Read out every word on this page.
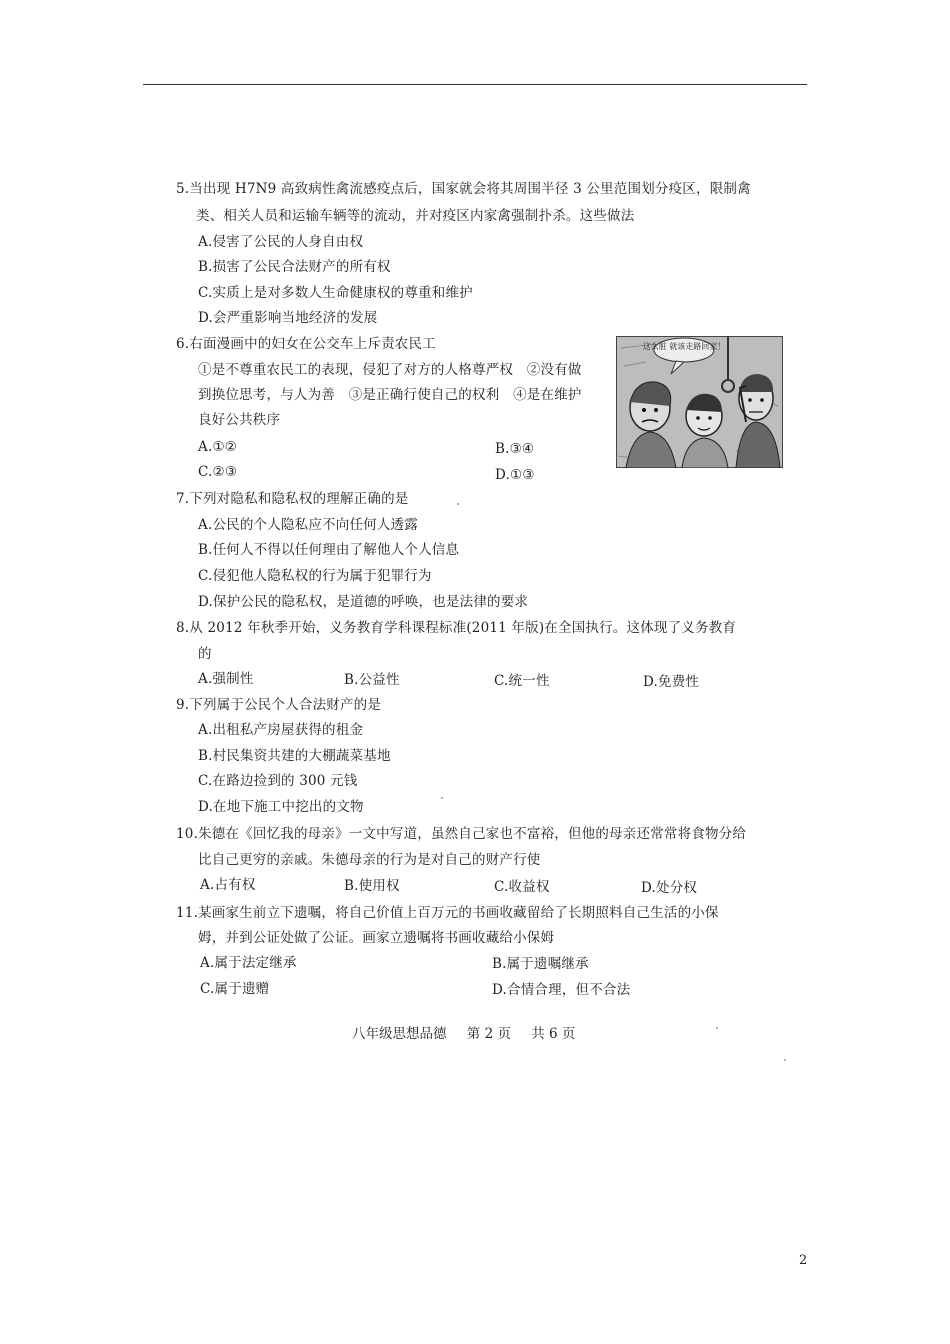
5.当出现 H7N9 高致病性禽流感疫点后，国家就会将其周围半径 3 公里范围划分疫区，限制禽
类、相关人员和运输车辆等的流动，并对疫区内家禽强制扑杀。这些做法
A.侵害了公民的人身自由权
B.损害了公民合法财产的所有权
C.实质上是对多数人生命健康权的尊重和维护
D.会严重影响当地经济的发展
6.右面漫画中的妇女在公交车上斥责农民工
①是不尊重农民工的表现，侵犯了对方的人格尊严权　②没有做
到换位思考，与人为善　③是正确行使自己的权利　④是在维护
良好公共秩序
A.①②	B.③④
C.②③	D.①③
这么脏 就该走路回家！
7.下列对隐私和隐私权的理解正确的是
A.公民的个人隐私应不向任何人透露
B.任何人不得以任何理由了解他人个人信息
C.侵犯他人隐私权的行为属于犯罪行为
D.保护公民的隐私权，是道德的呼唤，也是法律的要求
8.从 2012 年秋季开始，义务教育学科课程标准(2011 年版)在全国执行。这体现了义务教育
的
A.强制性	B.公益性	C.统一性	D.免费性
9.下列属于公民个人合法财产的是
A.出租私产房屋获得的租金
B.村民集资共建的大棚蔬菜基地
C.在路边捡到的 300 元钱
D.在地下施工中挖出的文物
10.朱德在《回忆我的母亲》一文中写道，虽然自己家也不富裕，但他的母亲还常常将食物分给
比自己更穷的亲戚。朱德母亲的行为是对自己的财产行使
A.占有权	B.使用权	C.收益权	D.处分权
11.某画家生前立下遗嘱，将自己价值上百万元的书画收藏留给了长期照料自己生活的小保
姆，并到公证处做了公证。画家立遗嘱将书画收藏给小保姆
A.属于法定继承	B.属于遗嘱继承
C.属于遗赠	D.合情合理，但不合法
八年级思想品德 第 2 页 共 6 页
2
